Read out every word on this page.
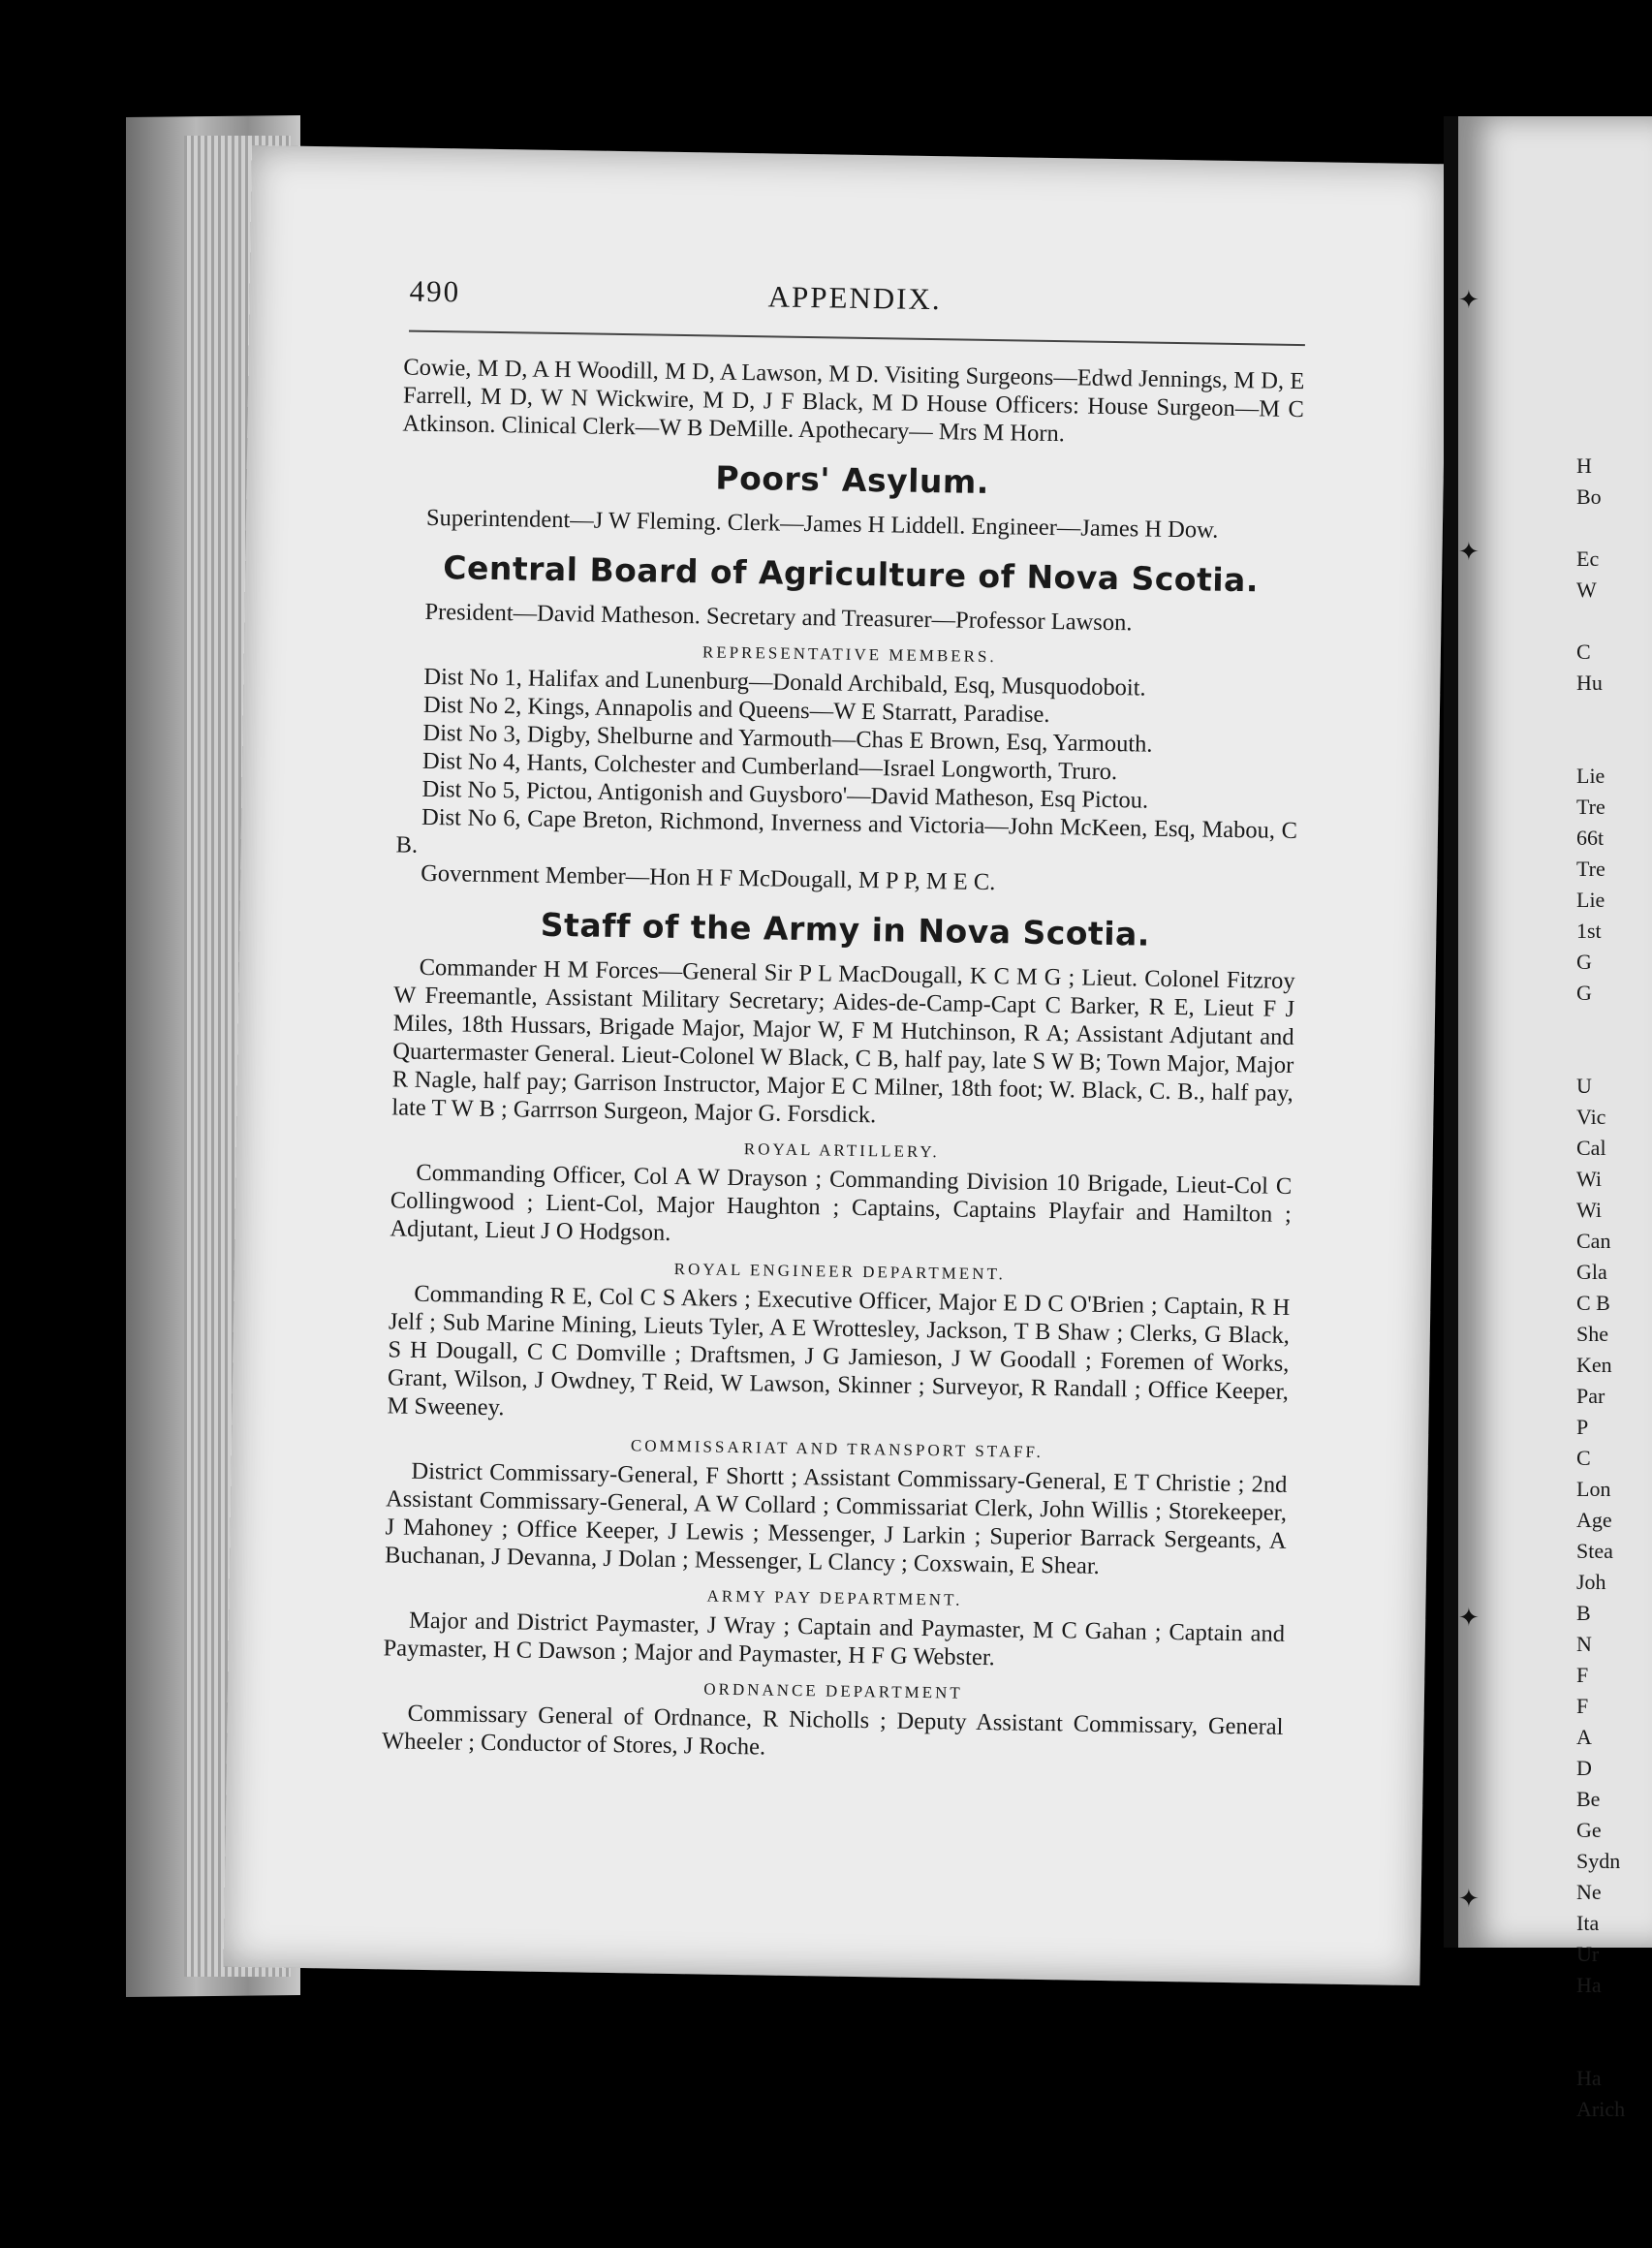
490	APPENDIX.

Cowie, M D, A H Woodill, M D, A Lawson, M D. Visiting Surgeons—Edwd Jennings, M D, E Farrell, M D, W N Wickwire, M D, J F Black, M D House Officers: House Surgeon—M C Atkinson. Clinical Clerk—W B DeMille. Apothecary— Mrs M Horn.

Poors' Asylum.

Superintendent—J W Fleming. Clerk—James H Liddell. Engineer—James H Dow.

Central Board of Agriculture of Nova Scotia.

President—David Matheson. Secretary and Treasurer—Professor Lawson.

REPRESENTATIVE MEMBERS.

Dist No 1, Halifax and Lunenburg—Donald Archibald, Esq, Musquodoboit.

Dist No 2, Kings, Annapolis and Queens—W E Starratt, Paradise.

Dist No 3, Digby, Shelburne and Yarmouth—Chas E Brown, Esq, Yarmouth.

Dist No 4, Hants, Colchester and Cumberland—Israel Longworth, Truro.

Dist No 5, Pictou, Antigonish and Guysboro'—David Matheson, Esq Pictou.

Dist No 6, Cape Breton, Richmond, Inverness and Victoria—John McKeen, Esq, Mabou, C B.

Government Member—Hon H F McDougall, M P P, M E C.

Staff of the Army in Nova Scotia.

Commander H M Forces—General Sir P L MacDougall, K C M G ; Lieut. Colonel Fitzroy W Freemantle, Assistant Military Secretary; Aides-de-Camp-Capt C Barker, R E, Lieut F J Miles, 18th Hussars, Brigade Major, Major W, F M Hutchinson, R A; Assistant Adjutant and Quartermaster General. Lieut-Colonel W Black, C B, half pay, late S W B; Town Major, Major R Nagle, half pay; Garrison Instructor, Major E C Milner, 18th foot; W. Black, C. B., half pay, late T W B ; Garrrson Surgeon, Major G. Forsdick.

ROYAL ARTILLERY.

Commanding Officer, Col A W Drayson ; Commanding Division 10 Brigade, Lieut-Col C Collingwood ; Lient-Col, Major Haughton ; Captains, Captains Playfair and Hamilton ; Adjutant, Lieut J O Hodgson.

ROYAL ENGINEER DEPARTMENT.

Commanding R E, Col C S Akers ; Executive Officer, Major E D C O'Brien ; Captain, R H Jelf ; Sub Marine Mining, Lieuts Tyler, A E Wrottesley, Jackson, T B Shaw ; Clerks, G Black, S H Dougall, C C Domville ; Draftsmen, J G Jamieson, J W Goodall ; Foremen of Works, Grant, Wilson, J Owdney, T Reid, W Lawson, Skinner ; Surveyor, R Randall ; Office Keeper, M Sweeney.

COMMISSARIAT AND TRANSPORT STAFF.

District Commissary-General, F Shortt ; Assistant Commissary-General, E T Christie ; 2nd Assistant Commissary-General, A W Collard ; Commissariat Clerk, John Willis ; Storekeeper, J Mahoney ; Office Keeper, J Lewis ; Messenger, J Larkin ; Superior Barrack Sergeants, A Buchanan, J Devanna, J Dolan ; Messenger, L Clancy ; Coxswain, E Shear.

ARMY PAY DEPARTMENT.

Major and District Paymaster, J Wray ; Captain and Paymaster, M C Gahan ; Captain and Paymaster, H C Dawson ; Major and Paymaster, H F G Webster.

ORDNANCE DEPARTMENT

Commissary General of Ordnance, R Nicholls ; Deputy Assistant Commissary, General Wheeler ; Conductor of Stores, J Roche.

✦
✦
✦
✦
H
Bo
Ec
W
C
Hu
Lie
Tre
66t
Tre
Lie
1st
G
G
U
Vic
Cal
Wi
Wi
Can
Gla
C B
She
Ken
Par
P
C
Lon
Age
Stea
Joh
B
N
F
F
A
D
Be
Ge
Sydn
Ne
Ita
Ur
Ha
Ha
Arich
